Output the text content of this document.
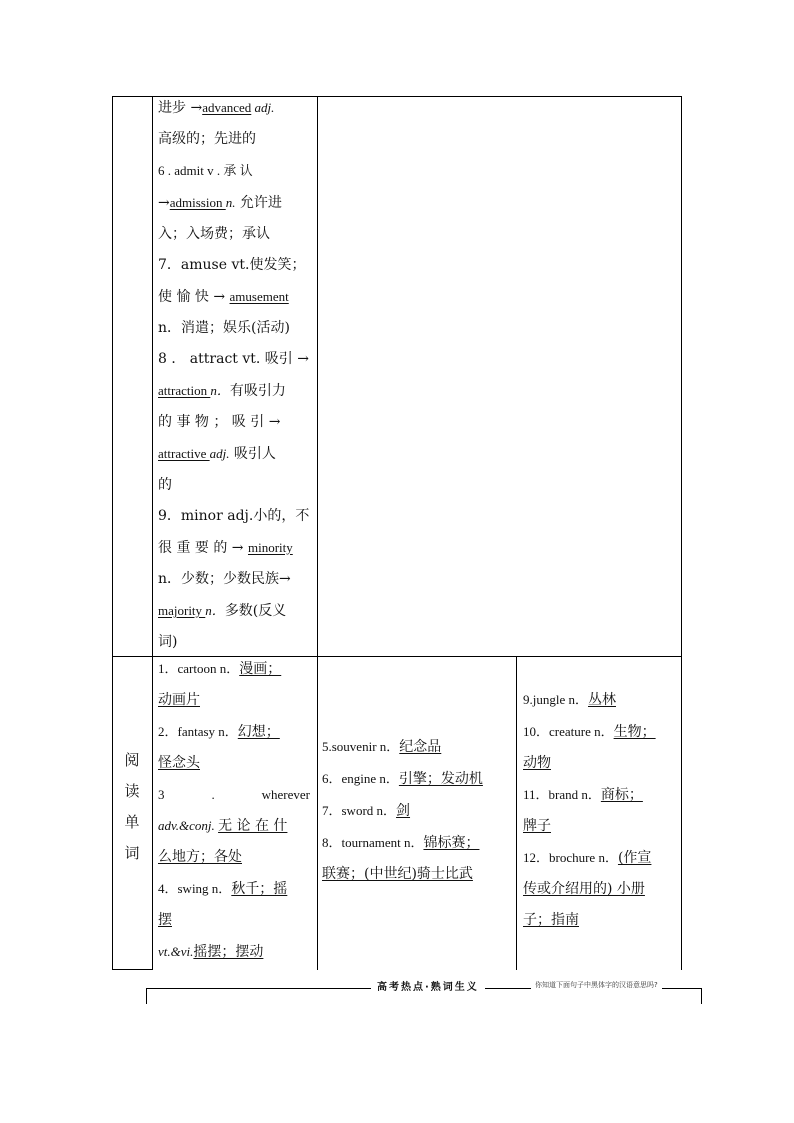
进步 →advanced adj.
高级的；先进的
6 . admit v . 承 认
→admission n. 允许进
入；入场费；承认
7．amuse vt.使发笑；
使 愉 快 → amusement
n．消遣；娱乐(活动)
8 ． attract vt. 吸引 →
attraction n．有吸引力
的 事 物 ； 吸 引 →
attractive adj. 吸引人
的
9．minor adj.小的，不
很 重 要 的 → minority
n．少数；少数民族→
majority n．多数(反义
词)
阅
读
单
词
1．cartoon n．漫画；
动画片
2．fantasy n．幻想；
怪念头
3 . wherever
adv.&conj. 无 论 在 什
么地方；各处
4．swing n．秋千；摇
摆
vt.&vi.摇摆；摆动
5.souvenir n．纪念品
6．engine n．引擎；发动机
7．sword n．剑
8．tournament n．锦标赛；
联赛；(中世纪)骑士比武
9.jungle n．丛林
10．creature n．生物；
动物
11．brand n．商标；
牌子
12．brochure n．(作宣
传或介绍用的) 小册
子；指南
高考热点·熟词生义	你知道下面句子中黑体字的汉语意思吗?
